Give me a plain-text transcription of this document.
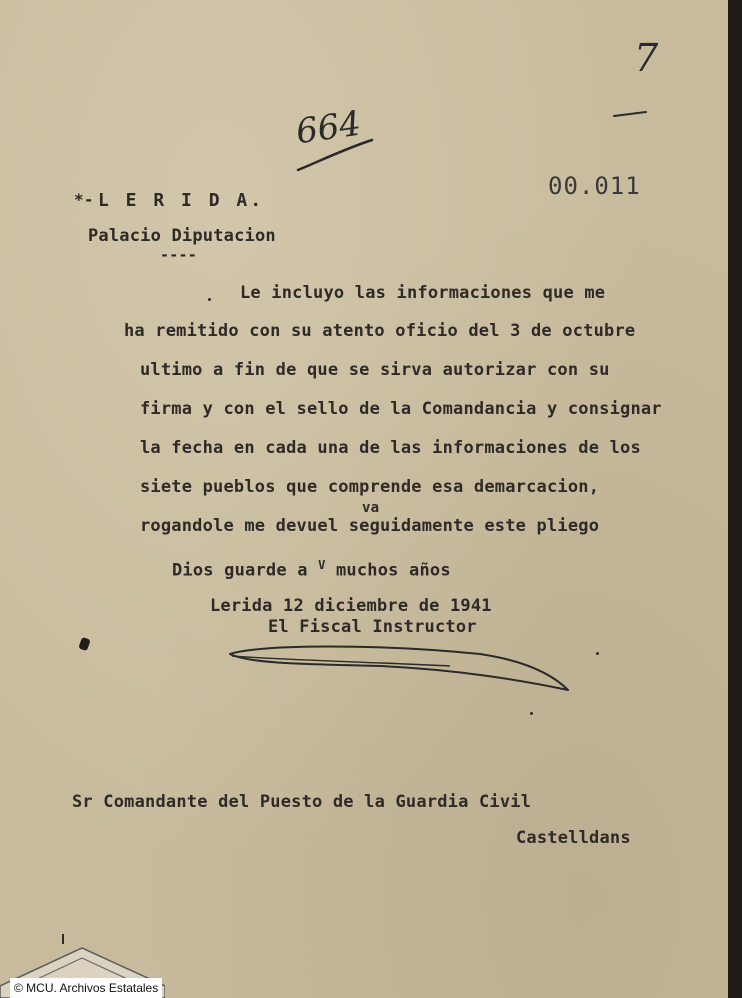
7
664
00.011
*- L E R I D A.
Palacio Diputacion
----
Le incluyo las informaciones que me
ha remitido con su atento oficio del 3 de octubre
ultimo a fin de que se sirva autorizar con su
firma y con el sello de la Comandancia y consignar
la fecha en cada una de las informaciones de los
siete pueblos que comprende esa demarcacion,
va
rogandole me devuel seguidamente este pliego
Dios guarde a $^V$ muchos años
Lerida 12 diciembre de 1941
El Fiscal Instructor
Sr Comandante del Puesto de la Guardia Civil
Castelldans
© MCU. Archivos Estatales
